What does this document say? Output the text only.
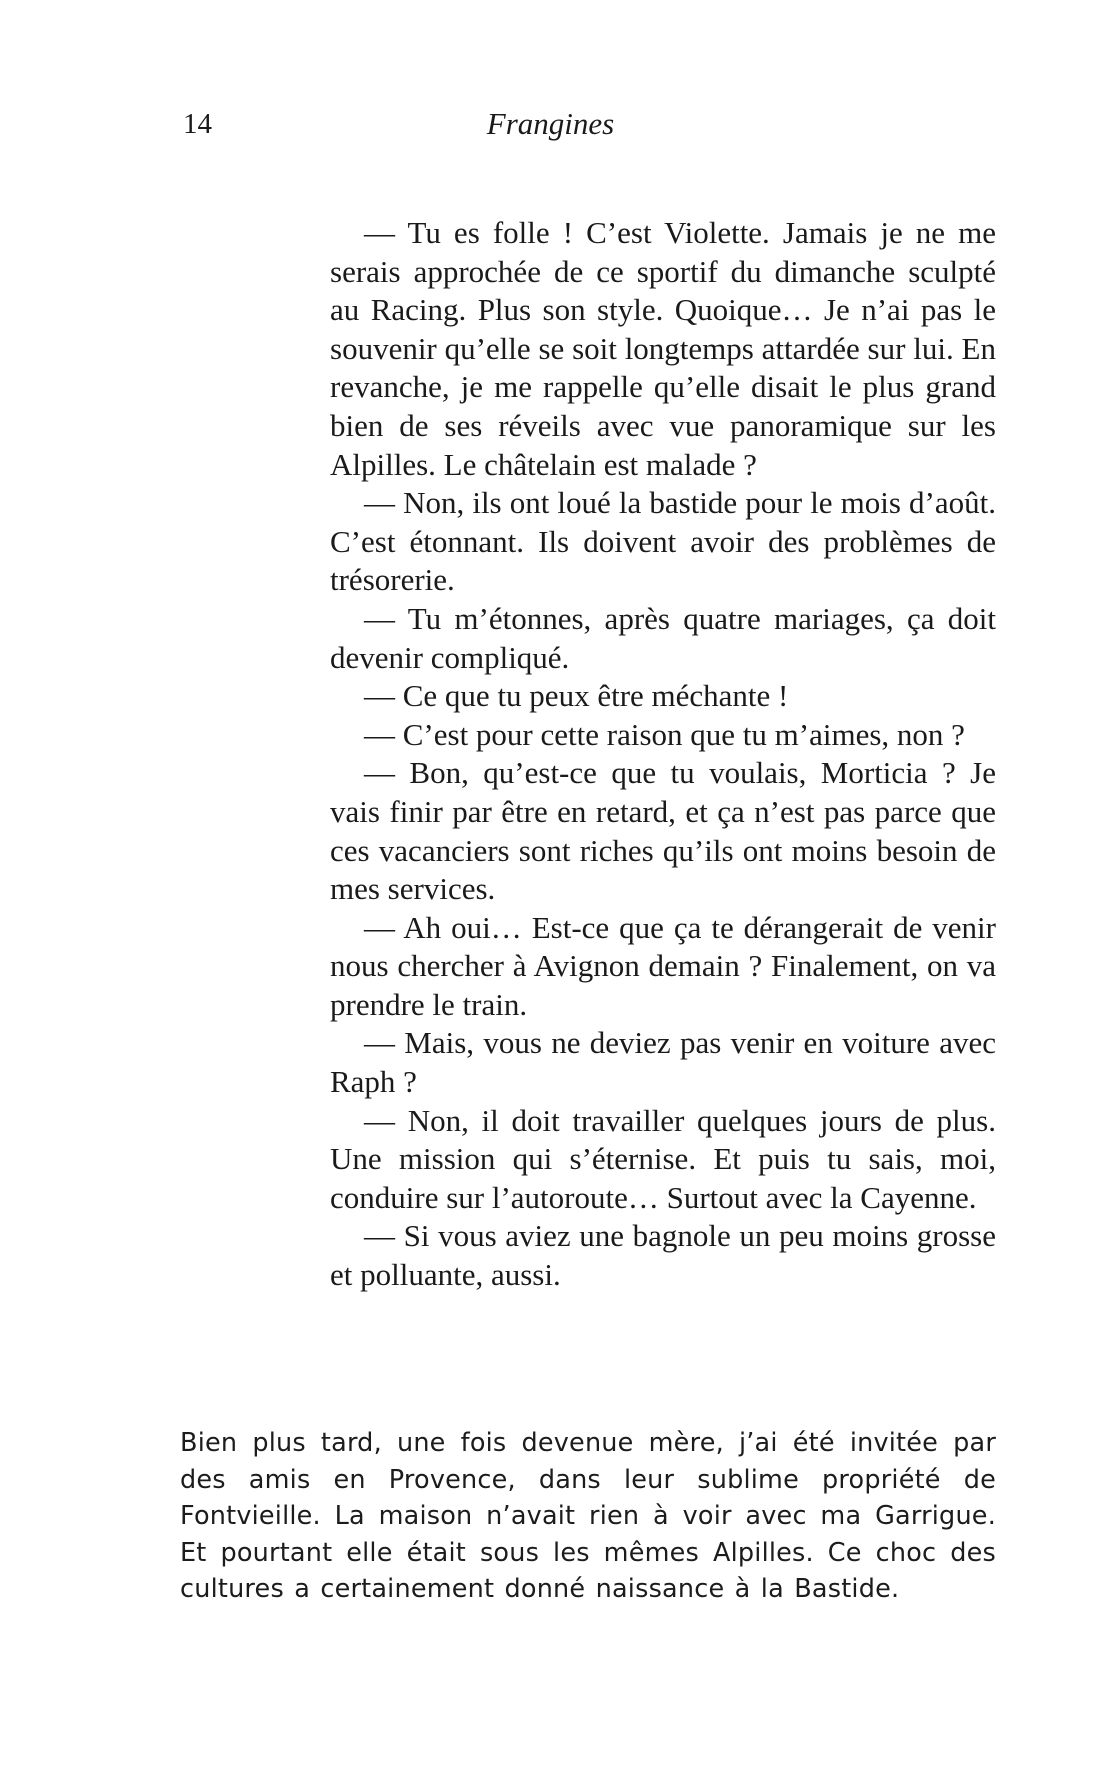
14	Frangines

— Tu es folle ! C’est Violette. Jamais je ne me serais approchée de ce sportif du dimanche sculpté au Racing. Plus son style. Quoique… Je n’ai pas le souvenir qu’elle se soit longtemps attardée sur lui. En revanche, je me rappelle qu’elle disait le plus grand bien de ses réveils avec vue panoramique sur les Alpilles. Le châtelain est malade ?

— Non, ils ont loué la bastide pour le mois d’août. C’est étonnant. Ils doivent avoir des problèmes de trésorerie.

— Tu m’étonnes, après quatre mariages, ça doit devenir compliqué.

— Ce que tu peux être méchante !

— C’est pour cette raison que tu m’aimes, non ?

— Bon, qu’est-ce que tu voulais, Morticia ? Je vais finir par être en retard, et ça n’est pas parce que ces vacanciers sont riches qu’ils ont moins besoin de mes services.

— Ah oui… Est-ce que ça te dérangerait de venir nous chercher à Avignon demain ? Finalement, on va prendre le train.

— Mais, vous ne deviez pas venir en voiture avec Raph ?

— Non, il doit travailler quelques jours de plus. Une mission qui s’éternise. Et puis tu sais, moi, conduire sur l’autoroute… Surtout avec la Cayenne.

— Si vous aviez une bagnole un peu moins grosse et polluante, aussi.

Bien plus tard, une fois devenue mère, j’ai été invitée par des amis en Provence, dans leur sublime propriété de Fontvieille. La maison n’avait rien à voir avec ma Garrigue. Et pourtant elle était sous les mêmes Alpilles. Ce choc des cultures a certainement donné naissance à la Bastide.
